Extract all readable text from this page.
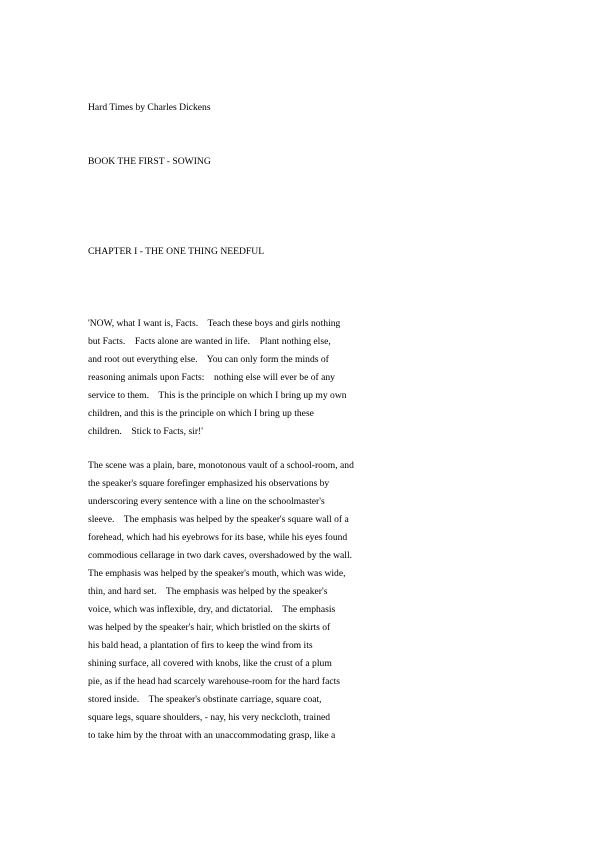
Hard Times by Charles Dickens

BOOK THE FIRST - SOWING

CHAPTER I - THE ONE THING NEEDFUL

'NOW, what I want is, Facts.    Teach these boys and girls nothing
but Facts.    Facts alone are wanted in life.    Plant nothing else,
and root out everything else.    You can only form the minds of
reasoning animals upon Facts:    nothing else will ever be of any
service to them.    This is the principle on which I bring up my own
children, and this is the principle on which I bring up these
children.    Stick to Facts, sir!'
The scene was a plain, bare, monotonous vault of a school-room, and
the speaker's square forefinger emphasized his observations by
underscoring every sentence with a line on the schoolmaster's
sleeve.    The emphasis was helped by the speaker's square wall of a
forehead, which had his eyebrows for its base, while his eyes found
commodious cellarage in two dark caves, overshadowed by the wall.
The emphasis was helped by the speaker's mouth, which was wide,
thin, and hard set.    The emphasis was helped by the speaker's
voice, which was inflexible, dry, and dictatorial.    The emphasis
was helped by the speaker's hair, which bristled on the skirts of
his bald head, a plantation of firs to keep the wind from its
shining surface, all covered with knobs, like the crust of a plum
pie, as if the head had scarcely warehouse-room for the hard facts
stored inside.    The speaker's obstinate carriage, square coat,
square legs, square shoulders, - nay, his very neckcloth, trained
to take him by the throat with an unaccommodating grasp, like a
